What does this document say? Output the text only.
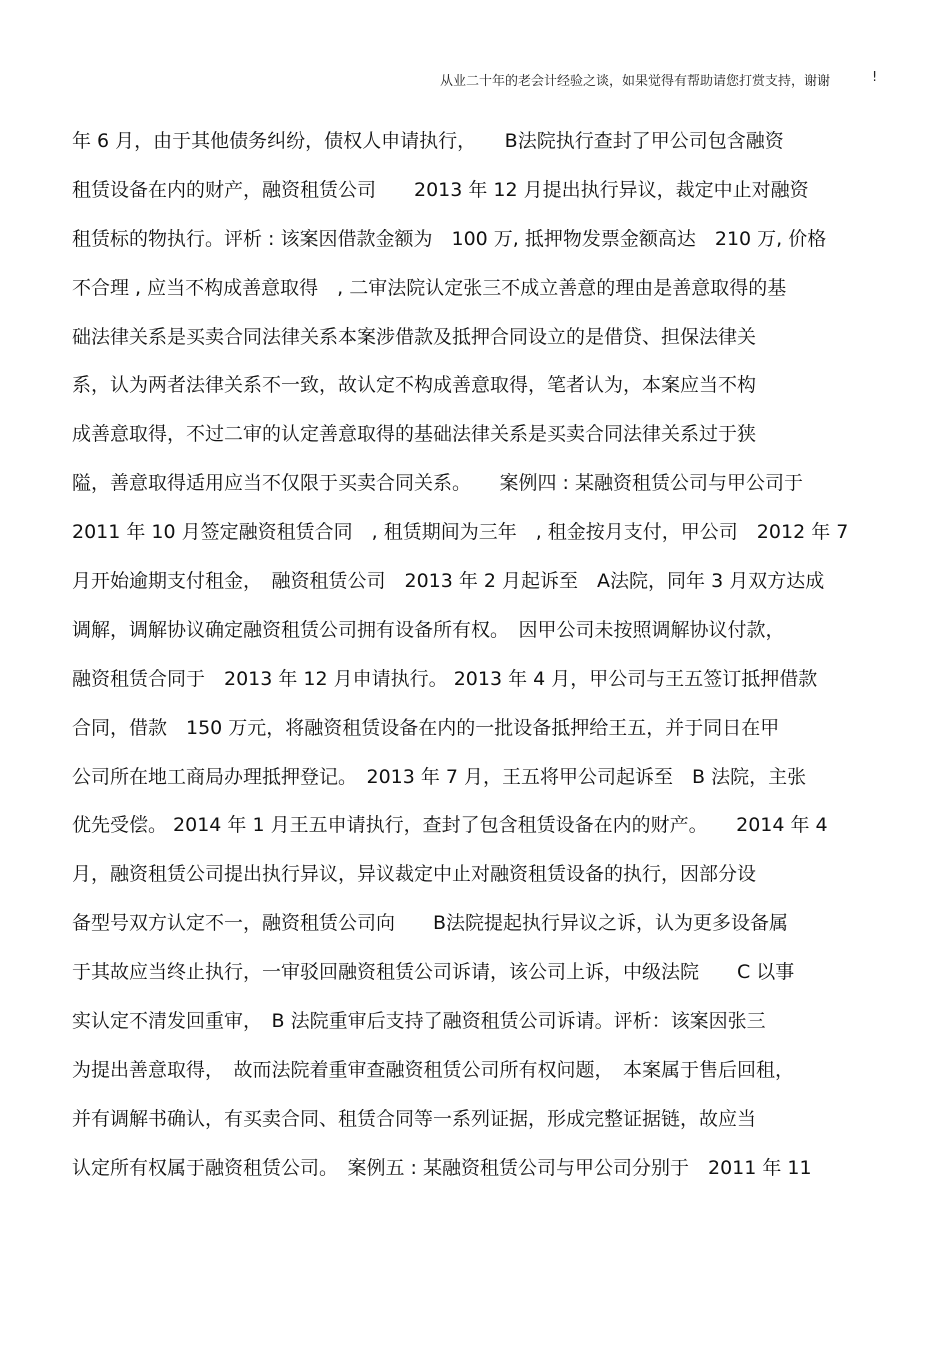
从业二十年的老会计经验之谈，如果觉得有帮助请您打赏支持，谢谢	!
年 6 月，由于其他债务纠纷，债权人申请执行，　　B法院执行查封了甲公司包含融资
租赁设备在内的财产，融资租赁公司　　2013 年 12 月提出执行异议，裁定中止对融资
租赁标的物执行。评析 : 该案因借款金额为　100 万, 抵押物发票金额高达　210 万, 价格
不合理 , 应当不构成善意取得　, 二审法院认定张三不成立善意的理由是善意取得的基
础法律关系是买卖合同法律关系本案涉借款及抵押合同设立的是借贷、担保法律关
系，认为两者法律关系不一致，故认定不构成善意取得，笔者认为，本案应当不构
成善意取得，不过二审的认定善意取得的基础法律关系是买卖合同法律关系过于狭
隘，善意取得适用应当不仅限于买卖合同关系。　　案例四 : 某融资租赁公司与甲公司于
2011 年 10 月签定融资租赁合同　, 租赁期间为三年　, 租金按月支付，甲公司　2012 年 7
月开始逾期支付租金，　融资租赁公司　2013 年 2 月起诉至　A法院，同年 3 月双方达成
调解，调解协议确定融资租赁公司拥有设备所有权。　因甲公司未按照调解协议付款，
融资租赁合同于　2013 年 12 月申请执行。 2013 年 4 月，甲公司与王五签订抵押借款
合同，借款　150 万元，将融资租赁设备在内的一批设备抵押给王五，并于同日在甲
公司所在地工商局办理抵押登记。　2013 年 7 月，王五将甲公司起诉至　B 法院，主张
优先受偿。 2014 年 1 月王五申请执行，查封了包含租赁设备在内的财产。　　2014 年 4
月，融资租赁公司提出执行异议，异议裁定中止对融资租赁设备的执行，因部分设
备型号双方认定不一，融资租赁公司向　　B法院提起执行异议之诉，认为更多设备属
于其故应当终止执行，一审驳回融资租赁公司诉请，该公司上诉，中级法院　　C 以事
实认定不清发回重审，　B 法院重审后支持了融资租赁公司诉请。评析：该案因张三
为提出善意取得，　故而法院着重审查融资租赁公司所有权问题，　本案属于售后回租，
并有调解书确认，有买卖合同、租赁合同等一系列证据，形成完整证据链，故应当
认定所有权属于融资租赁公司。　案例五 : 某融资租赁公司与甲公司分别于　2011 年 11
